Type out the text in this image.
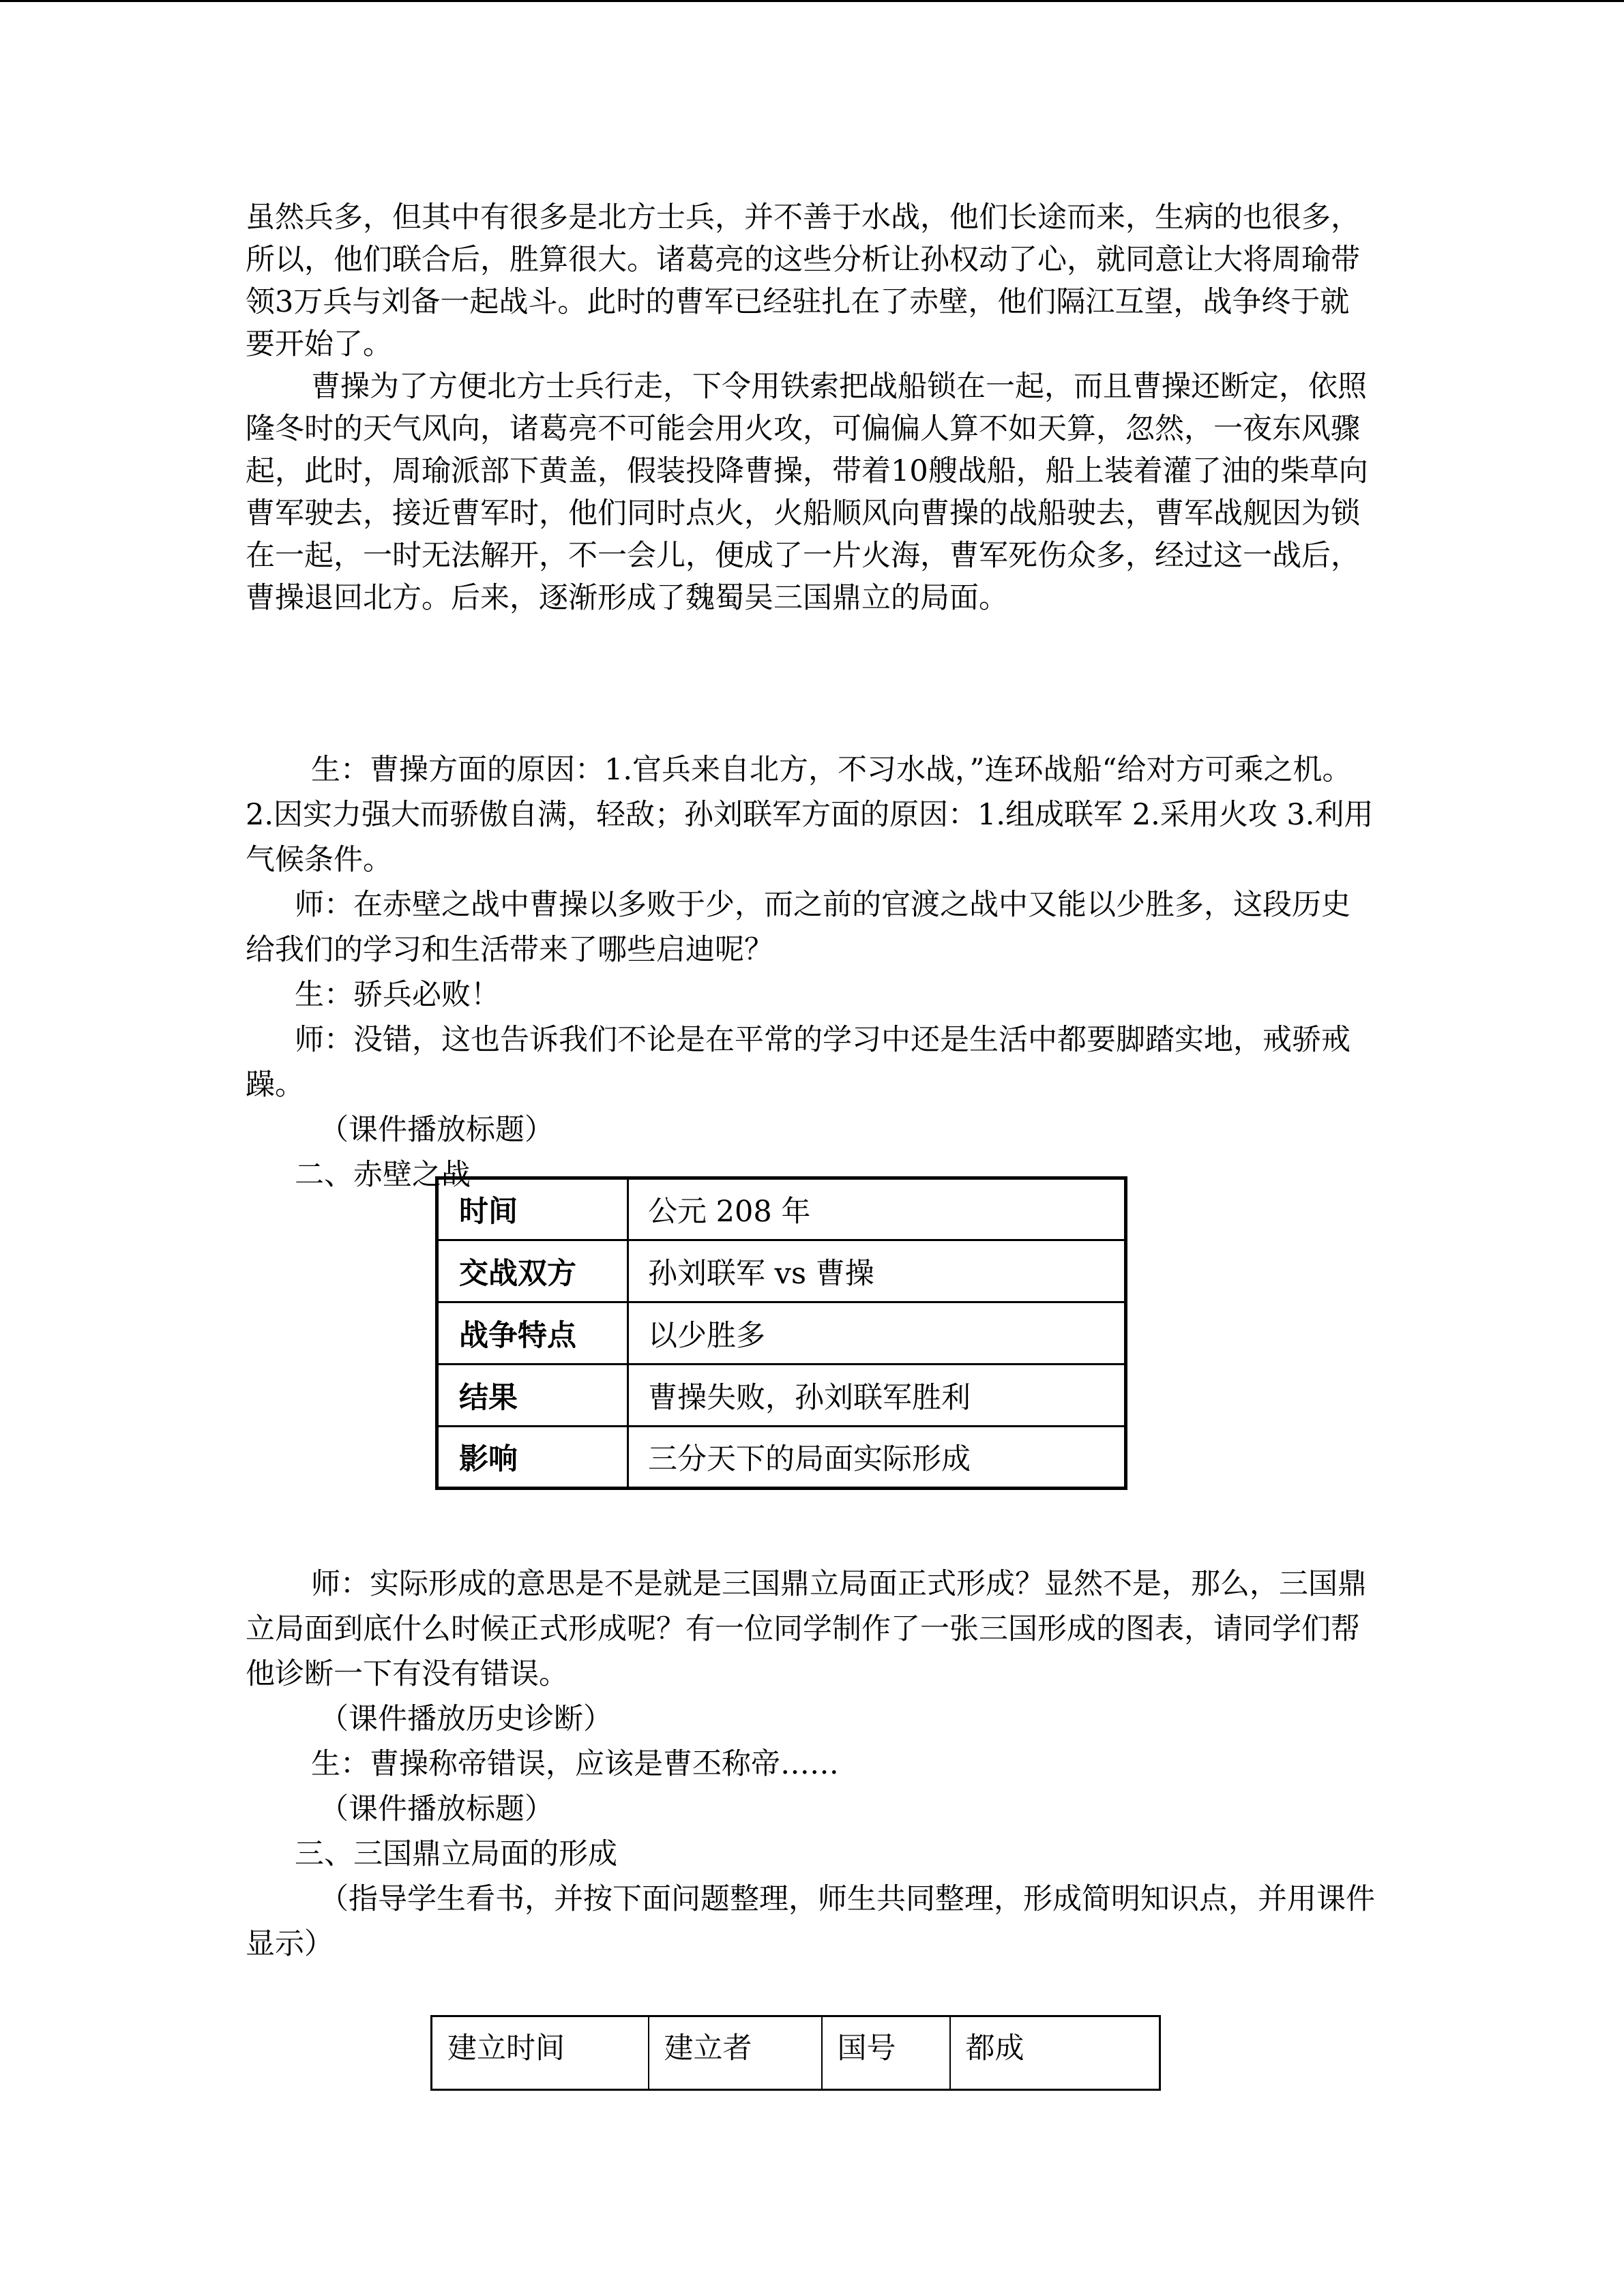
虽然兵多，但其中有很多是北方士兵，并不善于水战，他们长途而来，生病的也很多，所以，他们联合后，胜算很大。诸葛亮的这些分析让孙权动了心，就同意让大将周瑜带领3万兵与刘备一起战斗。此时的曹军已经驻扎在了赤壁，他们隔江互望，战争终于就要开始了。

曹操为了方便北方士兵行走，下令用铁索把战船锁在一起，而且曹操还断定，依照隆冬时的天气风向，诸葛亮不可能会用火攻，可偏偏人算不如天算，忽然，一夜东风骤起，此时，周瑜派部下黄盖，假装投降曹操，带着10艘战船，船上装着灌了油的柴草向曹军驶去，接近曹军时，他们同时点火，火船顺风向曹操的战船驶去，曹军战舰因为锁在一起，一时无法解开，不一会儿，便成了一片火海，曹军死伤众多，经过这一战后，曹操退回北方。后来，逐渐形成了魏蜀吴三国鼎立的局面。

生：曹操方面的原因：1.官兵来自北方，不习水战，”连环战船“给对方可乘之机。2.因实力强大而骄傲自满，轻敌；孙刘联军方面的原因：1.组成联军 2.采用火攻 3.利用气候条件。

师：在赤壁之战中曹操以多败于少，而之前的官渡之战中又能以少胜多，这段历史给我们的学习和生活带来了哪些启迪呢？

生：骄兵必败！

师：没错，这也告诉我们不论是在平常的学习中还是生活中都要脚踏实地，戒骄戒躁。

（课件播放标题）

二、赤壁之战

时间	公元 208 年
交战双方	孙刘联军 vs 曹操
战争特点	以少胜多
结果	曹操失败，孙刘联军胜利
影响	三分天下的局面实际形成

师：实际形成的意思是不是就是三国鼎立局面正式形成？显然不是，那么，三国鼎立局面到底什么时候正式形成呢？有一位同学制作了一张三国形成的图表，请同学们帮他诊断一下有没有错误。

（课件播放历史诊断）

生：曹操称帝错误，应该是曹丕称帝……

（课件播放标题）

三、三国鼎立局面的形成

（指导学生看书，并按下面问题整理，师生共同整理，形成简明知识点，并用课件显示）

建立时间	建立者	国号	都成
